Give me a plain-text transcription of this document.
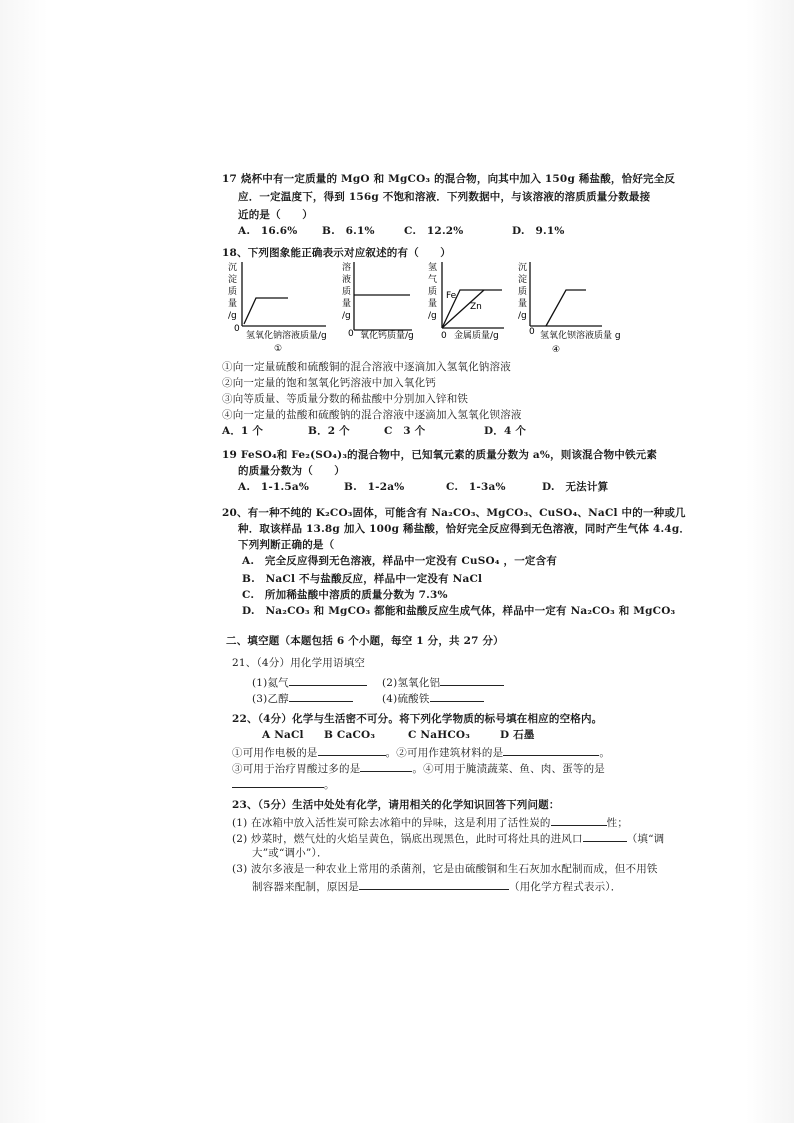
17 烧杯中有一定质量的 MgO 和 MgCO₃ 的混合物，向其中加入 150g 稀盐酸，恰好完全反
应．一定温度下，得到 156g 不饱和溶液．下列数据中，与该溶液的溶质质量分数最接
近的是（　　）
A.　16.6% B.　6.1%	C.　12.2%	D.　9.1%
18、下列图象能正确表示对应叙述的有（　　）
沉
淀
质
量
/g
0
氢氧化钠溶液质量/g
①
溶
液
质
量
/g
0 氧化钙质量/g
氢
气
质
量
/g
0 金属质量/g
Fe
Zn
沉
淀
质
量
/g
0 氢氧化钡溶液质量 g
④
①向一定量硫酸和硫酸铜的混合溶液中逐滴加入氢氧化钠溶液
②向一定量的饱和氢氧化钙溶液中加入氧化钙
③向等质量、等质量分数的稀盐酸中分别加入锌和铁
④向一定量的盐酸和硫酸钠的混合溶液中逐滴加入氢氧化钡溶液
A．1 个	B．2 个	C　3 个	D．4 个
19 FeSO₄和 Fe₂(SO₄)₃的混合物中，已知氧元素的质量分数为 a%，则该混合物中铁元素
的质量分数为（　　）
A.　1-1.5a%	B.　1-2a%	C.　1-3a%	D.　无法计算
20、有一种不纯的 K₂CO₃固体，可能含有 Na₂CO₃、MgCO₃、CuSO₄、NaCl 中的一种或几
种．取该样品 13.8g 加入 100g 稀盐酸，恰好完全反应得到无色溶液，同时产生气体 4.4g．
下列判断正确的是（
A.　完全反应得到无色溶液，样品中一定没有 CuSO₄ ，一定含有
B.　NaCl 不与盐酸反应，样品中一定没有 NaCl
C.　所加稀盐酸中溶质的质量分数为 7.3%
D.　Na₂CO₃ 和 MgCO₃ 都能和盐酸反应生成气体，样品中一定有 Na₂CO₃ 和 MgCO₃
二、填空题（本题包括 6 个小题，每空 1 分，共 27 分）
21、（4分）用化学用语填空
(1)氦气	(2)氢氧化铝
(3)乙醇	(4)硫酸铁
22、（4分）化学与生活密不可分。将下列化学物质的标号填在相应的空格内。
A NaCl B CaCO₃	C NaHCO₃	D 石墨
①可用作电极的是	。②可用作建筑材料的是	。
③可用于治疗胃酸过多的是	。④可用于腌渍蔬菜、鱼、肉、蛋等的是
。
23、（5分）生活中处处有化学，请用相关的化学知识回答下列问题：
(1) 在冰箱中放入活性炭可除去冰箱中的异味，这是利用了活性炭的	性；
(2) 炒菜时，燃气灶的火焰呈黄色，锅底出现黑色，此时可将灶具的进风口	（填“调
大”或“调小”）．
(3) 波尔多液是一种农业上常用的杀菌剂，它是由硫酸铜和生石灰加水配制而成，但不用铁
制容器来配制，原因是	（用化学方程式表示）．
